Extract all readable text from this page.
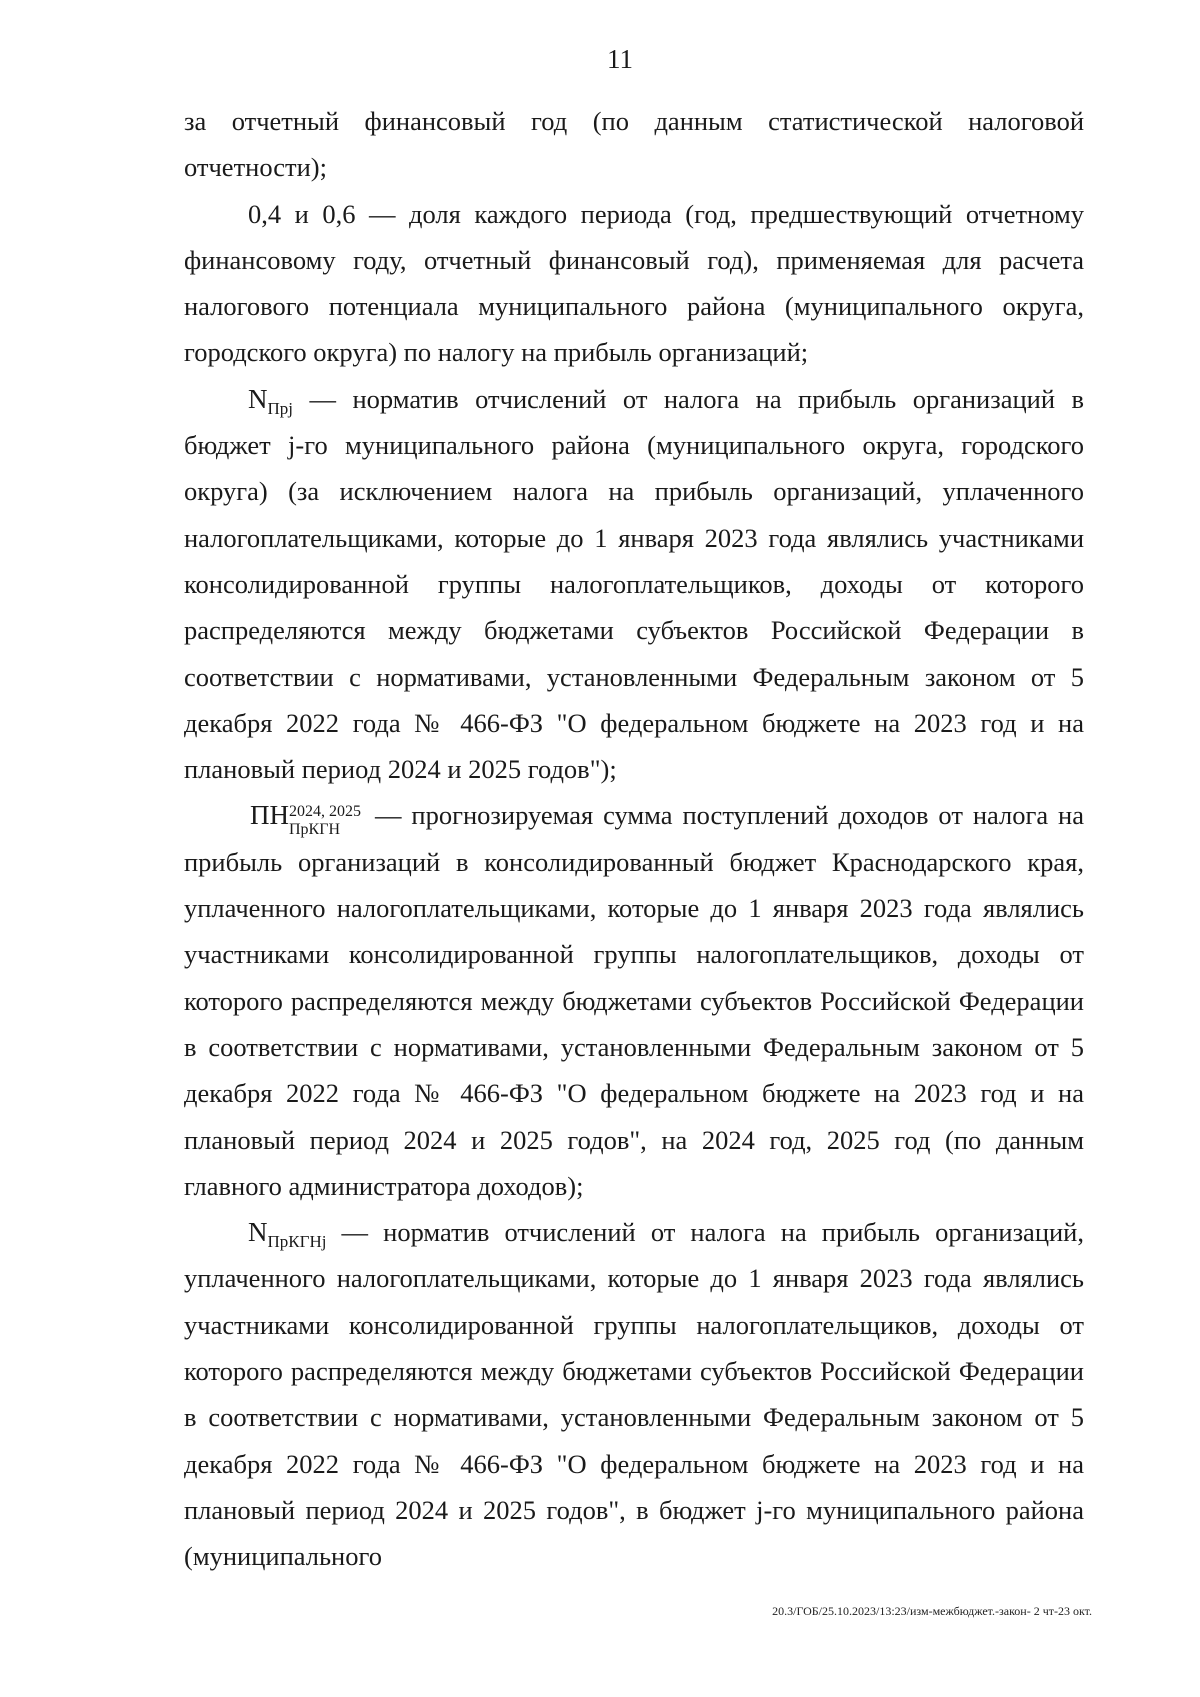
11

за отчетный финансовый год (по данным статистической налоговой отчетности);

0,4 и 0,6 — доля каждого периода (год, предшествующий отчетному финансовому году, отчетный финансовый год), применяемая для расчета налогового потенциала муниципального района (муниципального округа, городского округа) по налогу на прибыль организаций;

$N_{Прj}$ — норматив отчислений от налога на прибыль организаций в бюджет j-го муниципального района (муниципального округа, городского округа) (за исключением налога на прибыль организаций, уплаченного налогоплательщиками, которые до 1 января 2023 года являлись участниками консолидированной группы налогоплательщиков, доходы от которого распределяются между бюджетами субъектов Российской Федерации в соответствии с нормативами, установленными Федеральным законом от 5 декабря 2022 года № 466-ФЗ "О федеральном бюджете на 2023 год и на плановый период 2024 и 2025 годов");

ПН 2024, 2025
ПрКГН	— прогнозируемая сумма поступлений доходов от налога на прибыль организаций в консолидированный бюджет Краснодарского края, уплаченного налогоплательщиками, которые до 1 января 2023 года являлись участниками консолидированной группы налогоплательщиков, доходы от которого распределяются между бюджетами субъектов Российской Федерации в соответствии с нормативами, установленными Федеральным законом от 5 декабря 2022 года № 466-ФЗ "О федеральном бюджете на 2023 год и на плановый период 2024 и 2025 годов", на 2024 год, 2025 год (по данным главного администратора доходов);

$N_{ПрКГНj}$ — норматив отчислений от налога на прибыль организаций, уплаченного налогоплательщиками, которые до 1 января 2023 года являлись участниками консолидированной группы налогоплательщиков, доходы от которого распределяются между бюджетами субъектов Российской Федерации в соответствии с нормативами, установленными Федеральным законом от 5 декабря 2022 года № 466-ФЗ "О федеральном бюджете на 2023 год и на плановый период 2024 и 2025 годов", в бюджет j-го муниципального района (муниципального

20.3/ГОБ/25.10.2023/13:23/изм-межбюджет.-закон- 2 чт-23 окт.
